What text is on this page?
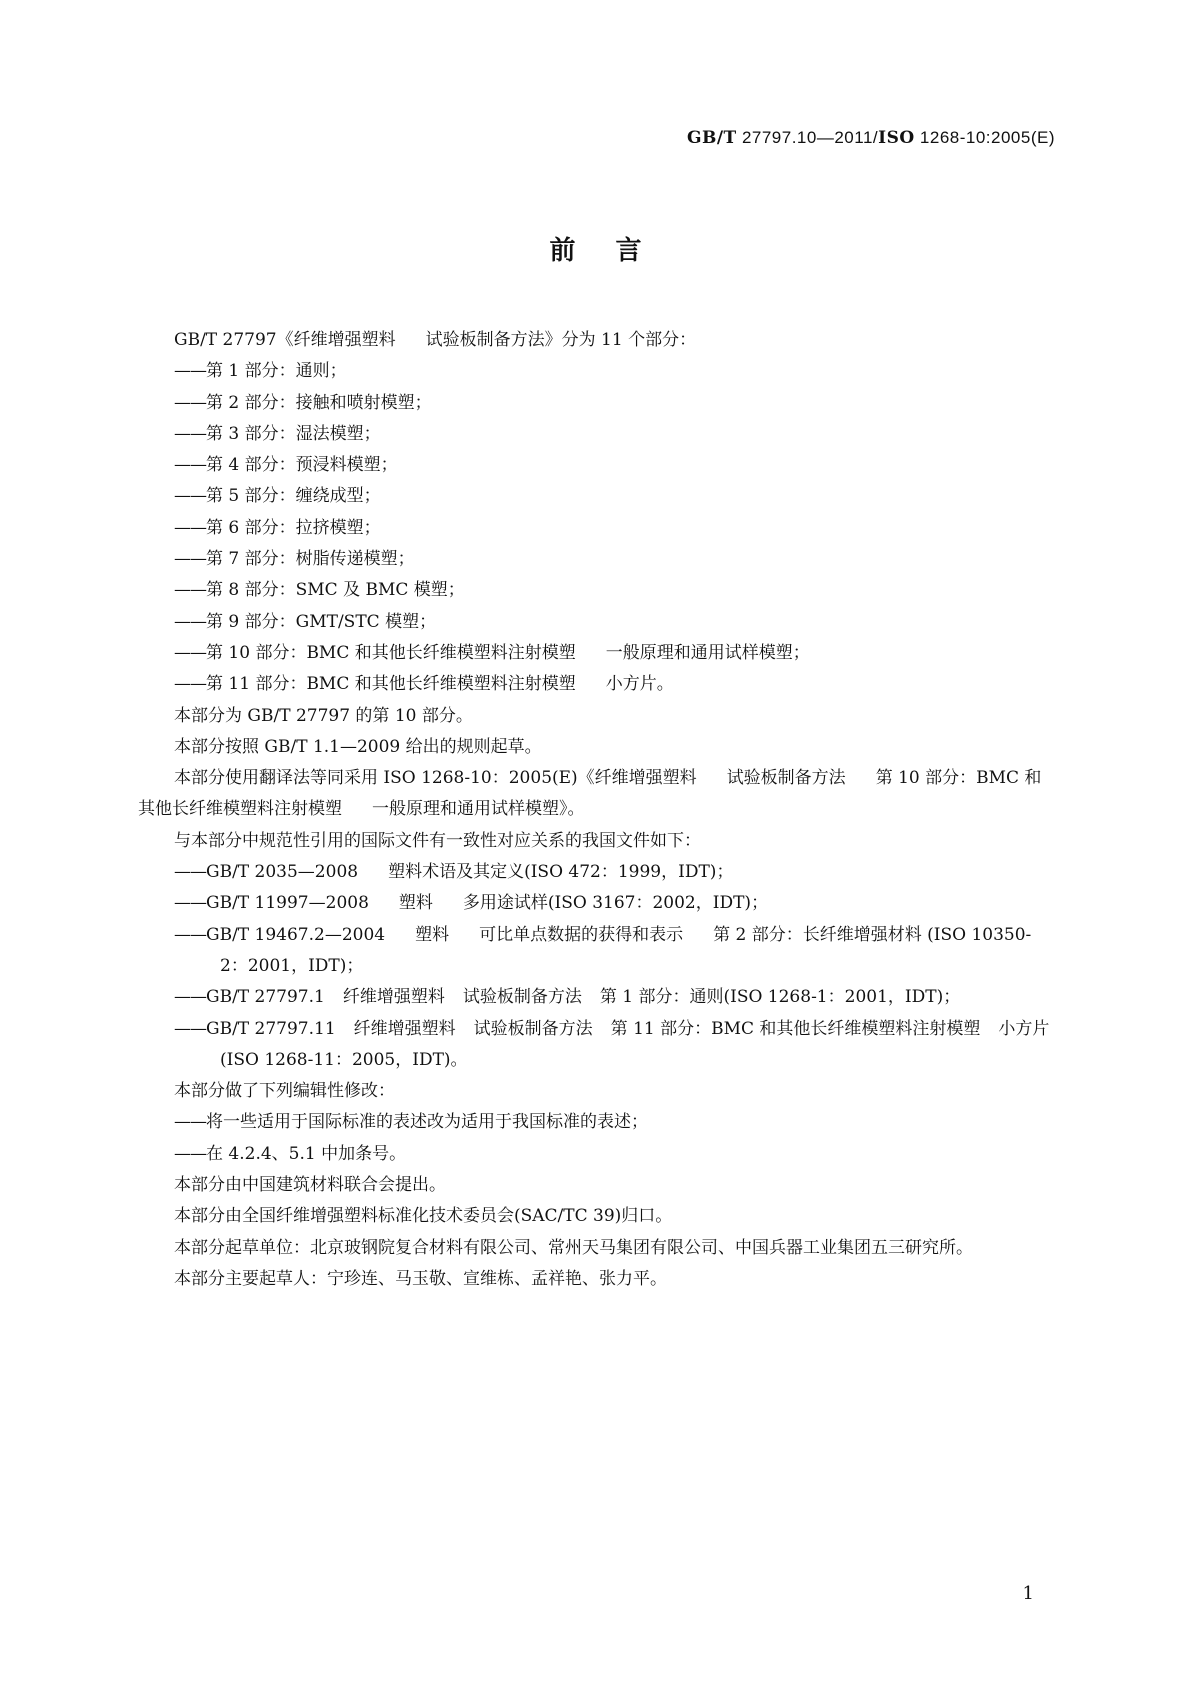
GB/T 27797.10—2011/ISO 1268-10:2005(E)
前言

GB/T 27797《纤维增强塑料 试验板制备方法》分为 11 个部分：

——第 1 部分：通则；

——第 2 部分：接触和喷射模塑；

——第 3 部分：湿法模塑；

——第 4 部分：预浸料模塑；

——第 5 部分：缠绕成型；

——第 6 部分：拉挤模塑；

——第 7 部分：树脂传递模塑；

——第 8 部分：SMC 及 BMC 模塑；

——第 9 部分：GMT/STC 模塑；

——第 10 部分：BMC 和其他长纤维模塑料注射模塑 一般原理和通用试样模塑；

——第 11 部分：BMC 和其他长纤维模塑料注射模塑 小方片。

本部分为 GB/T 27797 的第 10 部分。

本部分按照 GB/T 1.1—2009 给出的规则起草。

本部分使用翻译法等同采用 ISO 1268-10：2005(E)《纤维增强塑料 试验板制备方法 第 10 部分：BMC 和其他长纤维模塑料注射模塑 一般原理和通用试样模塑》。

与本部分中规范性引用的国际文件有一致性对应关系的我国文件如下：

——GB/T 2035—2008 塑料术语及其定义(ISO 472：1999，IDT)；

——GB/T 11997—2008 塑料 多用途试样(ISO 3167：2002，IDT)；

——GB/T 19467.2—2004 塑料 可比单点数据的获得和表示 第 2 部分：长纤维增强材料 (ISO 10350-2：2001，IDT)；

——GB/T 27797.1 纤维增强塑料 试验板制备方法 第 1 部分：通则(ISO 1268-1：2001，IDT)；

——GB/T 27797.11 纤维增强塑料 试验板制备方法 第 11 部分：BMC 和其他长纤维模塑料注射模塑 小方片(ISO 1268-11：2005，IDT)。

本部分做了下列编辑性修改：

——将一些适用于国际标准的表述改为适用于我国标准的表述；

——在 4.2.4、5.1 中加条号。

本部分由中国建筑材料联合会提出。

本部分由全国纤维增强塑料标准化技术委员会(SAC/TC 39)归口。

本部分起草单位：北京玻钢院复合材料有限公司、常州天马集团有限公司、中国兵器工业集团五三研究所。

本部分主要起草人：宁珍连、马玉敬、宣维栋、孟祥艳、张力平。

1
